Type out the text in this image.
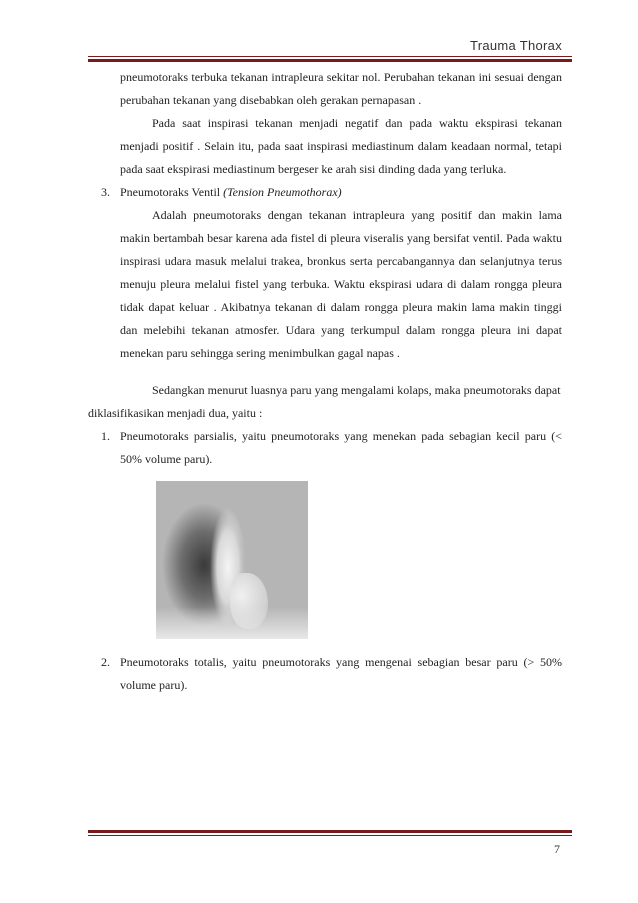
Trauma Thorax

pneumotoraks terbuka tekanan intrapleura sekitar nol. Perubahan tekanan ini sesuai dengan perubahan tekanan yang disebabkan oleh gerakan pernapasan .

Pada saat inspirasi tekanan menjadi negatif dan pada waktu ekspirasi tekanan menjadi positif . Selain itu, pada saat inspirasi mediastinum dalam keadaan normal, tetapi pada saat ekspirasi mediastinum bergeser ke arah sisi dinding dada yang terluka.

3. Pneumotoraks Ventil (Tension Pneumothorax)

Adalah pneumotoraks dengan tekanan intrapleura yang positif dan makin lama makin bertambah besar karena ada fistel di pleura viseralis yang bersifat ventil. Pada waktu inspirasi udara masuk melalui trakea, bronkus serta percabangannya dan selanjutnya terus menuju pleura melalui fistel yang terbuka. Waktu ekspirasi udara di dalam rongga pleura tidak dapat keluar . Akibatnya tekanan di dalam rongga pleura makin lama makin tinggi dan melebihi tekanan atmosfer. Udara yang terkumpul dalam rongga pleura ini dapat menekan paru sehingga sering menimbulkan gagal napas .

Sedangkan menurut luasnya paru yang mengalami kolaps, maka pneumotoraks dapat

diklasifikasikan menjadi dua, yaitu :

1. Pneumotoraks parsialis, yaitu pneumotoraks yang menekan pada sebagian kecil paru (< 50% volume paru).
2. Pneumotoraks totalis, yaitu pneumotoraks yang mengenai sebagian besar paru (> 50% volume paru).
7
